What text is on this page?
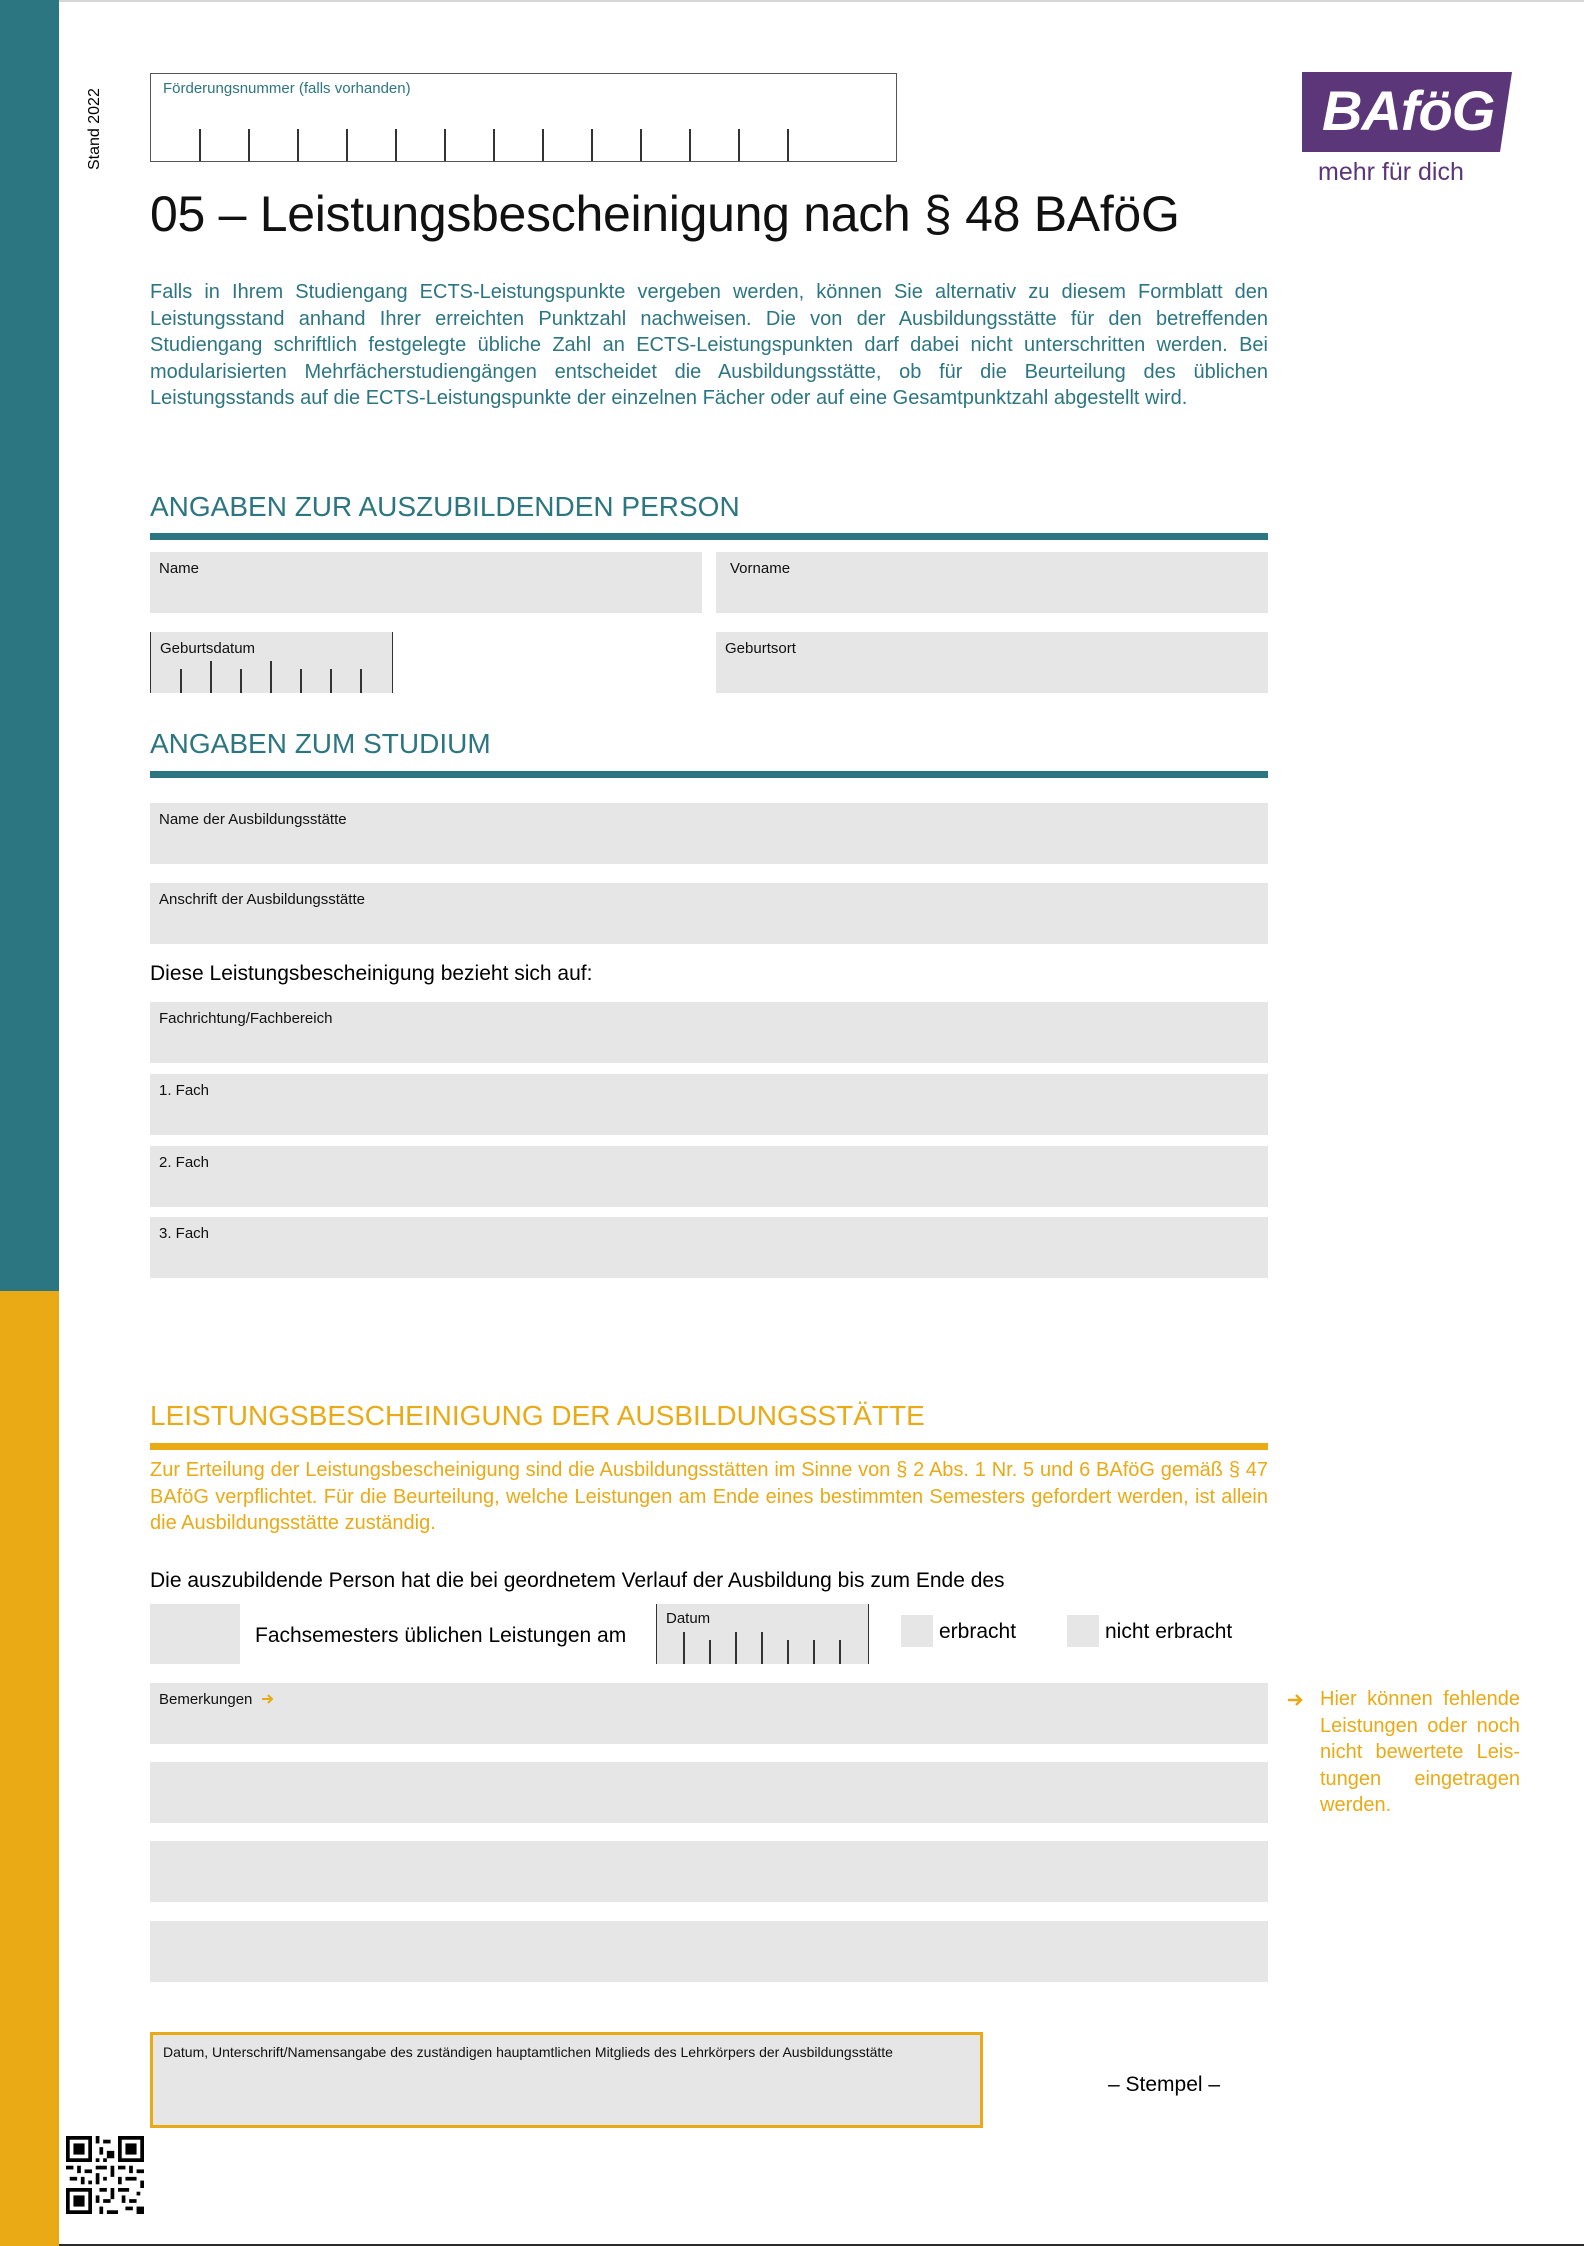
Stand 2022	Förderungsnummer (falls vorhanden)	BAföG
mehr für dich
05 – Leistungsbescheinigung nach § 48 BAföG
Falls in Ihrem Studiengang ECTS-Leistungspunkte vergeben werden, können Sie alternativ zu diesem Formblatt den Leistungsstand anhand Ihrer erreichten Punktzahl nachweisen. Die von der Ausbildungsstätte für den betreffenden Studiengang schriftlich festgelegte übliche Zahl an ECTS-Leistungspunkten darf dabei nicht unterschritten werden. Bei modularisierten Mehrfächerstudiengängen entscheidet die Ausbildungsstätte, ob für die Beurteilung des üblichen Leistungsstands auf die ECTS-Leistungspunkte der einzelnen Fächer oder auf eine Gesamtpunktzahl abgestellt wird.
ANGABEN ZUR AUSZUBILDENDEN PERSON
Name	Vorname
Geburtsdatum	Geburtsort
ANGABEN ZUM STUDIUM
Name der Ausbildungsstätte
Anschrift der Ausbildungsstätte
Diese Leistungsbescheinigung bezieht sich auf:
Fachrichtung/Fachbereich
1. Fach
2. Fach
3. Fach
LEISTUNGSBESCHEINIGUNG DER AUSBILDUNGSSTÄTTE
Zur Erteilung der Leistungsbescheinigung sind die Ausbildungsstätten im Sinne von § 2 Abs. 1 Nr. 5 und 6 BAföG gemäß § 47 BAföG verpflichtet. Für die Beurteilung, welche Leistungen am Ende eines bestimmten Semesters gefordert werden, ist allein die Ausbildungsstätte zuständig.
Die auszubildende Person hat die bei geordnetem Verlauf der Ausbildung bis zum Ende des
Fachsemesters üblichen Leistungen am
Datum
erbracht	nicht erbracht
Bemerkungen	Hier können fehlende Leistungen oder noch nicht bewertete Leis- tungen eingetragen werden.
Datum, Unterschrift/Namensangabe des zuständigen hauptamtlichen Mitglieds des Lehrkörpers der Ausbildungsstätte
– Stempel –
